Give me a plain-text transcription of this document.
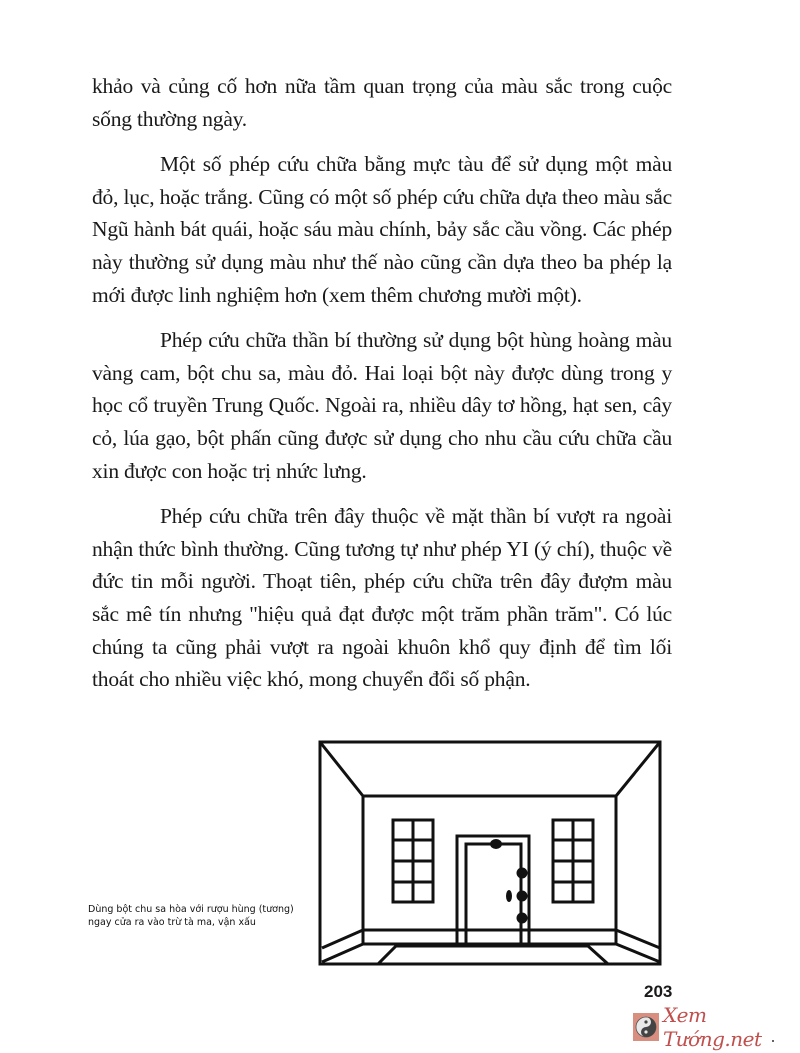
khảo và củng cố hơn nữa tầm quan trọng của màu sắc trong cuộc sống thường ngày.

Một số phép cứu chữa bằng mực tàu để sử dụng một màu đỏ, lục, hoặc trắng. Cũng có một số phép cứu chữa dựa theo màu sắc Ngũ hành bát quái, hoặc sáu màu chính, bảy sắc cầu vồng. Các phép này thường sử dụng màu như thế nào cũng cần dựa theo ba phép lạ mới được linh nghiệm hơn (xem thêm chương mười một).

Phép cứu chữa thần bí thường sử dụng bột hùng hoàng màu vàng cam, bột chu sa, màu đỏ. Hai loại bột này được dùng trong y học cổ truyền Trung Quốc. Ngoài ra, nhiều dây tơ hồng, hạt sen, cây cỏ, lúa gạo, bột phấn cũng được sử dụng cho nhu cầu cứu chữa cầu xin được con hoặc trị nhức lưng.

Phép cứu chữa trên đây thuộc về mặt thần bí vượt ra ngoài nhận thức bình thường. Cũng tương tự như phép YI (ý chí), thuộc về đức tin mỗi người. Thoạt tiên, phép cứu chữa trên đây đượm màu sắc mê tín nhưng "hiệu quả đạt được một trăm phần trăm". Có lúc chúng ta cũng phải vượt ra ngoài khuôn khổ quy định để tìm lối thoát cho nhiều việc khó, mong chuyển đổi số phận.

Dùng bột chu sa hòa với rượu hùng (tương) ngay cửa ra vào trừ tà ma, vận xấu
203
Xem Tướng.net
